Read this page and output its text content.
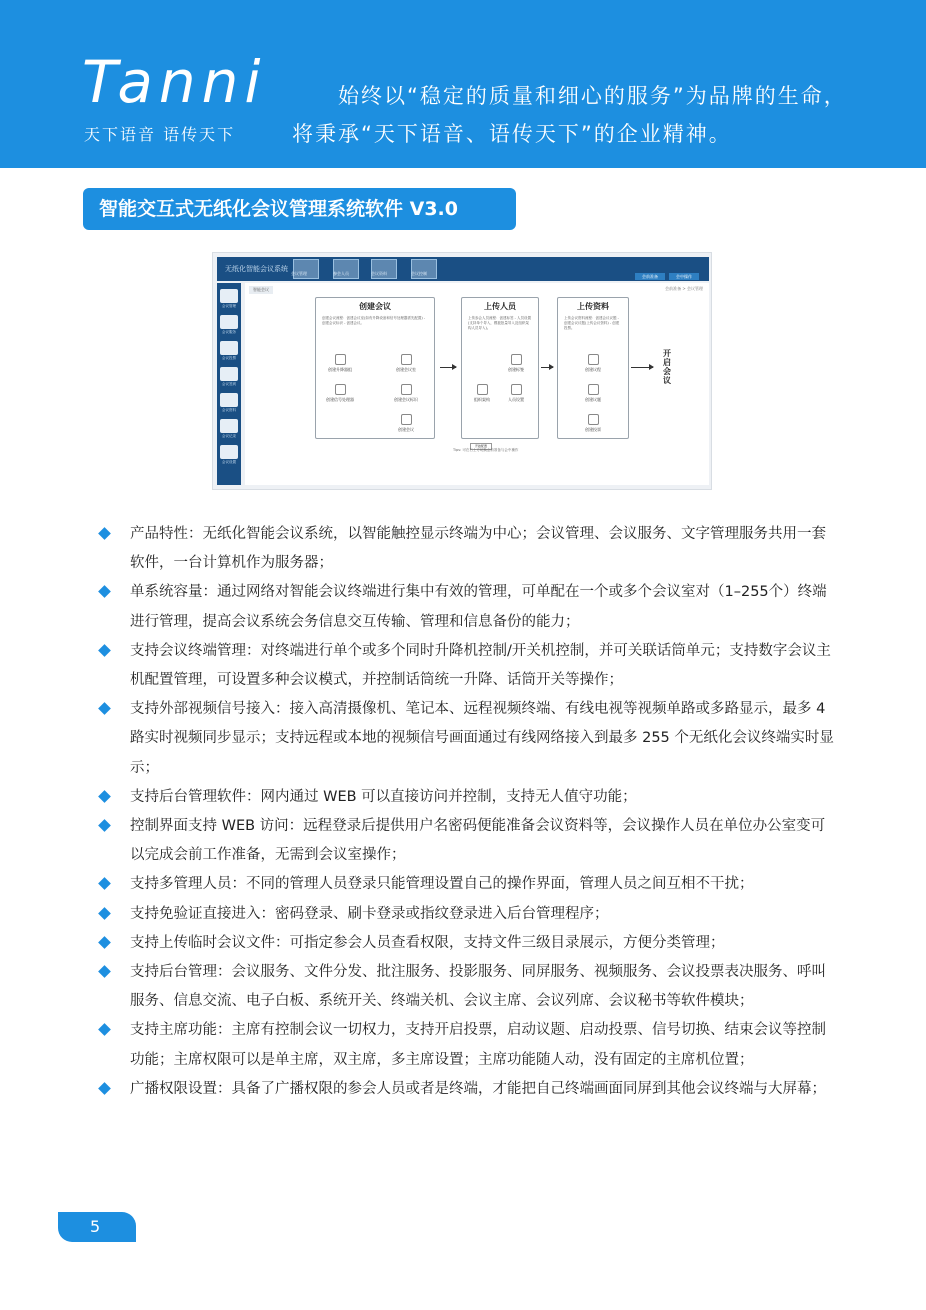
Tanni
天下语音 语传天下
始终以“稳定的质量和细心的服务”为品牌的生命，
将秉承“天下语音、语传天下”的企业精神。
智能交互式无纸化会议管理系统软件 V3.0
无纸化智能会议系统
会议管理	参会人员	会议资料	会议控制
会前准备	会中操作
会议管理
会议服务
会议投票
会议签到
会议资料
会议记录
会议设置
智能会议	会前准备 > 会议管理
创建会议
创建会议流程：创建会议室(如有升降设备和信号处理器需先配置) - 创建会议标识 - 创建会议。
创建升降器组
创建信号处理器
创建会议室
创建会议标识
创建会议
上传人员
上传参会人员流程：创建标签 - 人员设置(支持单个导入，模板批量导入及组织架构人员导入)。
创建标签
组织架构	人员设置
上传资料
上传会议资料流程：创建会议议题 - 创建会议议题(上传会议资料) - 创建投票。
创建议程
创建议题
创建投票
开启会议
开始配置
Tips: 可在右上方切换会前准备与会中操作

产品特性：无纸化智能会议系统，以智能触控显示终端为中心；会议管理、会议服务、文字管理服务共用一套软件，一台计算机作为服务器；

单系统容量：通过网络对智能会议终端进行集中有效的管理，可单配在一个或多个会议室对（1–255个）终端进行管理，提高会议系统会务信息交互传输、管理和信息备份的能力；

支持会议终端管理：对终端进行单个或多个同时升降机控制/开关机控制，并可关联话筒单元；支持数字会议主机配置管理，可设置多种会议模式，并控制话筒统一升降、话筒开关等操作；

支持外部视频信号接入：接入高清摄像机、笔记本、远程视频终端、有线电视等视频单路或多路显示，最多 4 路实时视频同步显示；支持远程或本地的视频信号画面通过有线网络接入到最多 255 个无纸化会议终端实时显示；

支持后台管理软件：网内通过 WEB 可以直接访问并控制，支持无人值守功能；

控制界面支持 WEB 访问：远程登录后提供用户名密码便能准备会议资料等，会议操作人员在单位办公室变可以完成会前工作准备，无需到会议室操作；

支持多管理人员：不同的管理人员登录只能管理设置自己的操作界面，管理人员之间互相不干扰；

支持免验证直接进入：密码登录、刷卡登录或指纹登录进入后台管理程序；

支持上传临时会议文件：可指定参会人员查看权限，支持文件三级目录展示，方便分类管理；

支持后台管理：会议服务、文件分发、批注服务、投影服务、同屏服务、视频服务、会议投票表决服务、呼叫服务、信息交流、电子白板、系统开关、终端关机、会议主席、会议列席、会议秘书等软件模块；

支持主席功能：主席有控制会议一切权力，支持开启投票，启动议题、启动投票、信号切换、结束会议等控制功能；主席权限可以是单主席，双主席，多主席设置；主席功能随人动，没有固定的主席机位置；

广播权限设置：具备了广播权限的参会人员或者是终端，才能把自己终端画面同屏到其他会议终端与大屏幕；

5
